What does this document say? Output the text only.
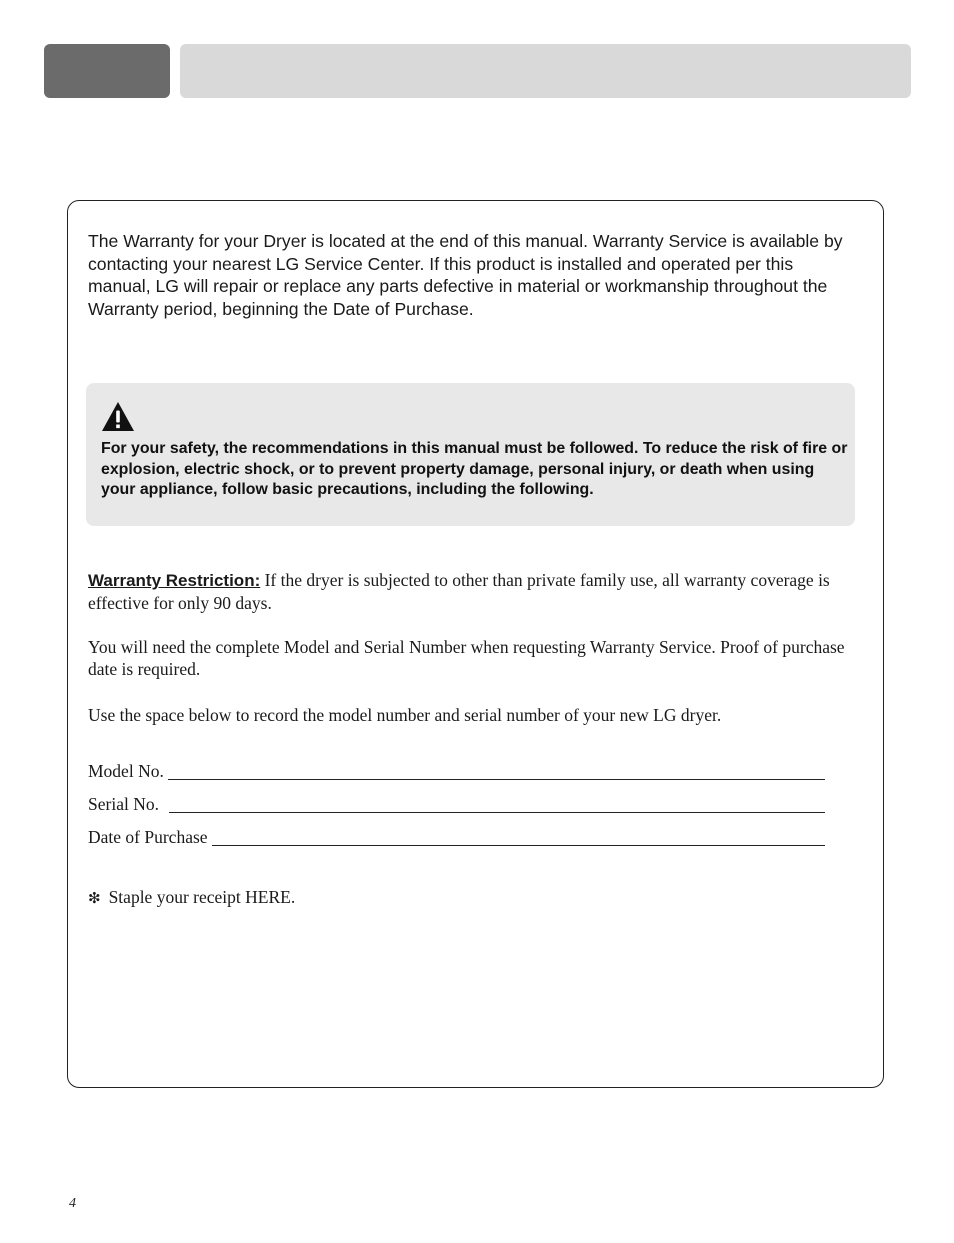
The Warranty for your Dryer is located at the end of this manual. Warranty Service is available by contacting your nearest LG Service Center. If this product is installed and operated per this manual, LG will repair or replace any parts defective in material or workmanship throughout the Warranty period, beginning the Date of Purchase.
For your safety, the recommendations in this manual must be followed. To reduce the risk of fire or explosion, electric shock, or to prevent property damage, personal injury, or death when using your appliance, follow basic precautions, including the following.
Warranty Restriction: If the dryer is subjected to other than private family use, all warranty coverage is effective for only 90 days.
You will need the complete Model and Serial Number when requesting Warranty Service. Proof of purchase date is required.
Use the space below to record the model number and serial number of your new LG dryer.
Model No.
Serial No.
Date of Purchase
❇ Staple your receipt HERE.
4
